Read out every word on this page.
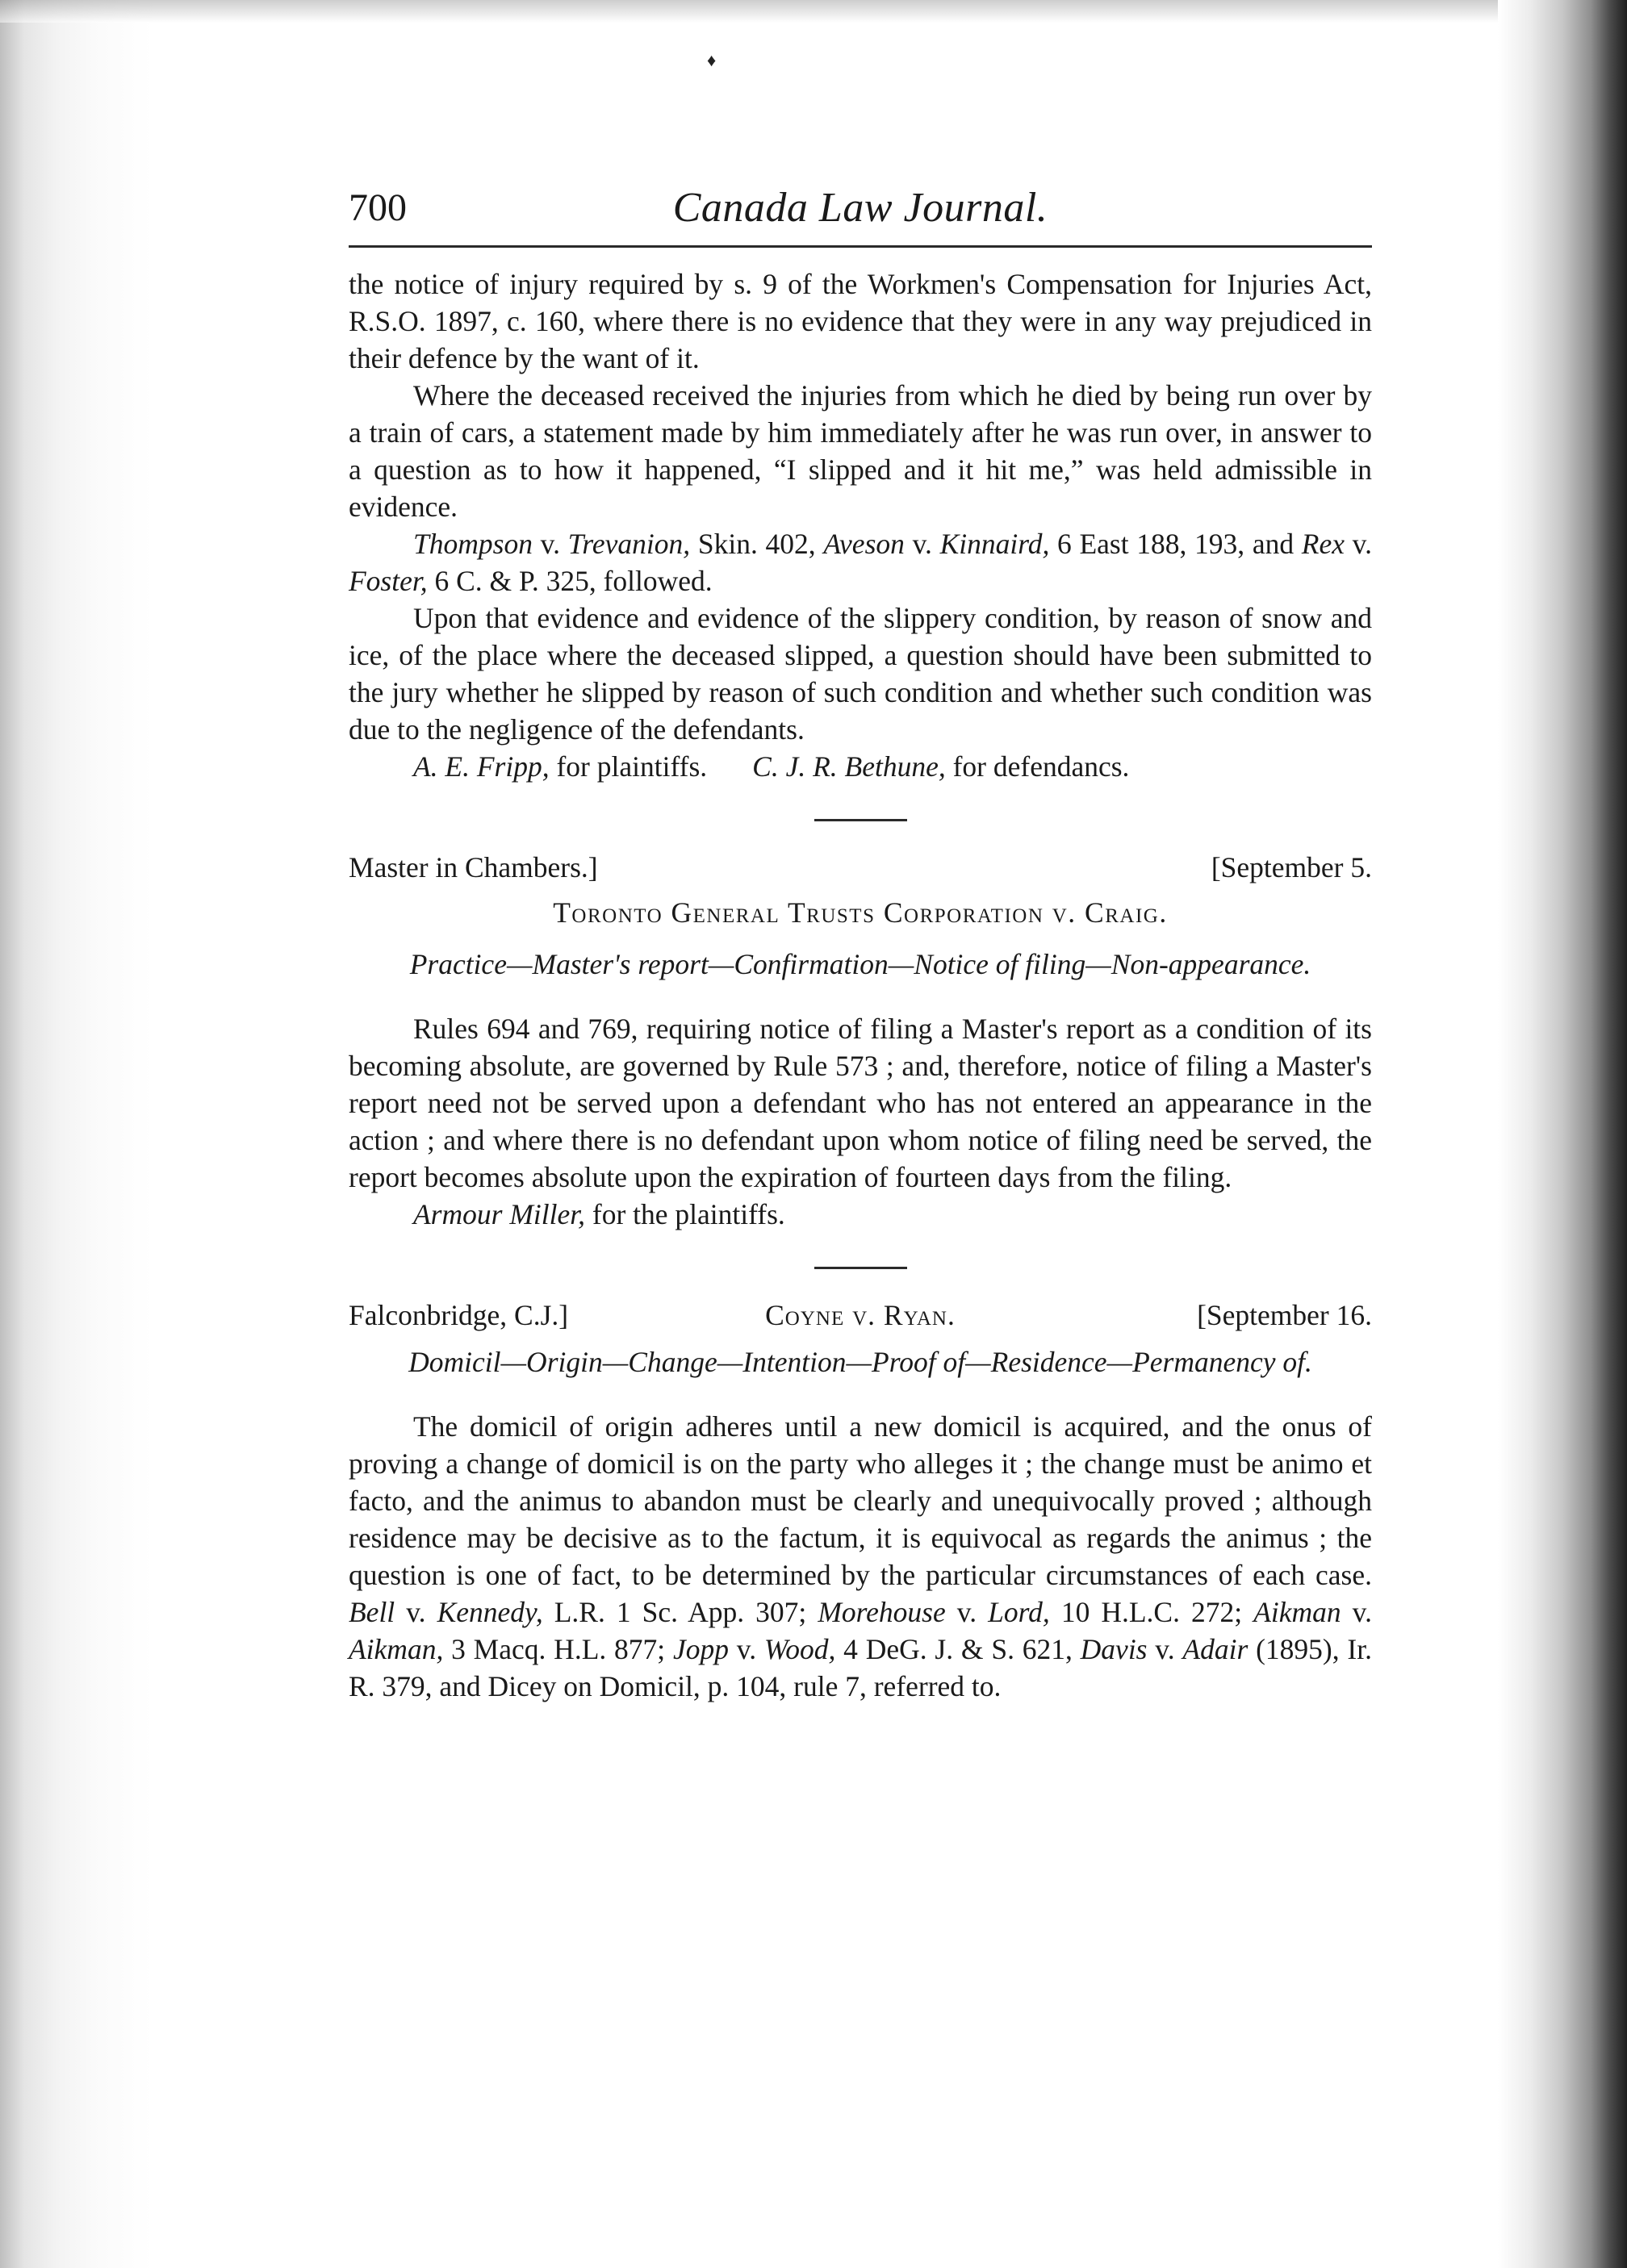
♦
700	Canada Law Journal.

the notice of injury required by s. 9 of the Workmen's Compensation for Injuries Act, R.S.O. 1897, c. 160, where there is no evidence that they were in any way prejudiced in their defence by the want of it.

Where the deceased received the injuries from which he died by being run over by a train of cars, a statement made by him immediately after he was run over, in answer to a question as to how it happened, “I slipped and it hit me,” was held admissible in evidence.

Thompson v. Trevanion, Skin. 402, Aveson v. Kinnaird, 6 East 188, 193, and Rex v. Foster, 6 C. & P. 325, followed.

Upon that evidence and evidence of the slippery condition, by reason of snow and ice, of the place where the deceased slipped, a question should have been submitted to the jury whether he slipped by reason of such condition and whether such condition was due to the negligence of the defendants.

A. E. Fripp, for plaintiffs. C. J. R. Bethune, for defendancs.
Master in Chambers.]	[September 5.
Toronto General Trusts Corporation v. Craig.
Practice—Master's report—Confirmation—Notice of filing—Non-appearance.

Rules 694 and 769, requiring notice of filing a Master's report as a condition of its becoming absolute, are governed by Rule 573 ; and, therefore, notice of filing a Master's report need not be served upon a defendant who has not entered an appearance in the action ; and where there is no defendant upon whom notice of filing need be served, the report becomes absolute upon the expiration of fourteen days from the filing.

Armour Miller, for the plaintiffs.
Falconbridge, C.J.]	Coyne v. Ryan.	[September 16.
Domicil—Origin—Change—Intention—Proof of—Residence—Permanency of.

The domicil of origin adheres until a new domicil is acquired, and the onus of proving a change of domicil is on the party who alleges it ; the change must be animo et facto, and the animus to abandon must be clearly and unequivocally proved ; although residence may be decisive as to the factum, it is equivocal as regards the animus ; the question is one of fact, to be determined by the particular circumstances of each case. Bell v. Kennedy, L.R. 1 Sc. App. 307; Morehouse v. Lord, 10 H.L.C. 272; Aikman v. Aikman, 3 Macq. H.L. 877; Jopp v. Wood, 4 DeG. J. & S. 621, Davis v. Adair (1895), Ir. R. 379, and Dicey on Domicil, p. 104, rule 7, referred to.
